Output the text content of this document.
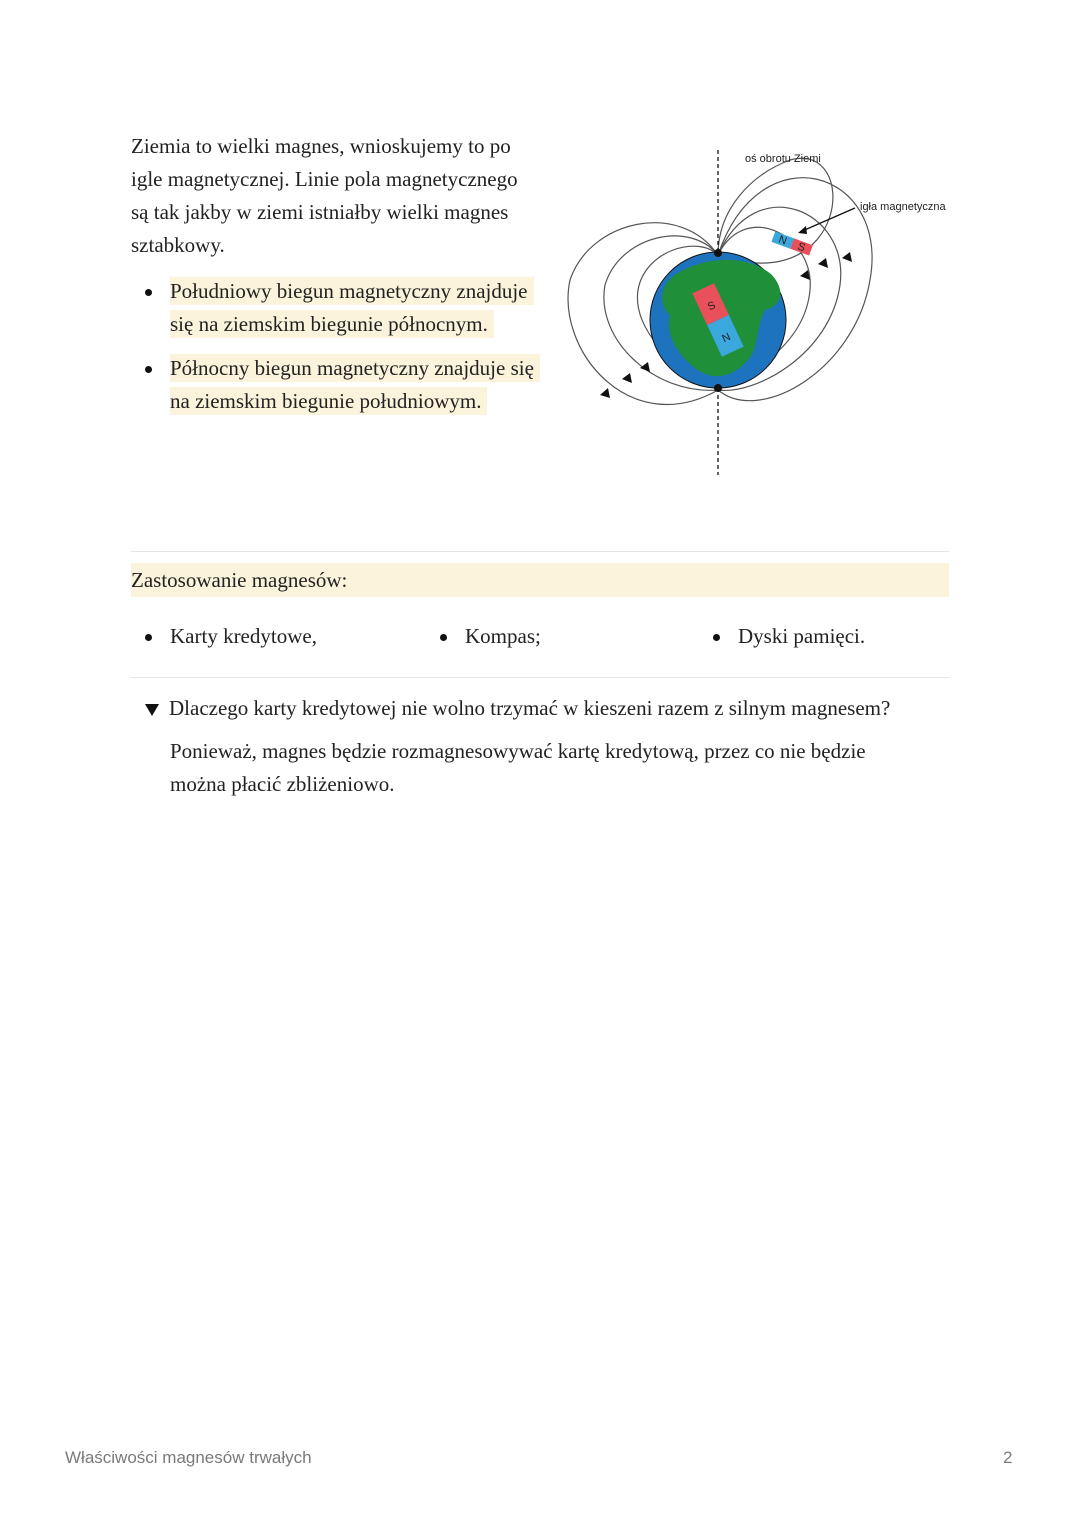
Ziemia to wielki magnes, wnioskujemy to po igle magnetycznej. Linie pola magnetycznego są tak jakby w ziemi istniałby wielki magnes sztabkowy.

Południowy biegun magnetyczny znajduje się na ziemskim biegunie północnym.
Północny biegun magnetyczny znajduje się na ziemskim biegunie południowym.
S
N
N S
oś obrotu Ziemi
igła magnetyczna
Zastosowanie magnesów:
Karty kredytowe,	Kompas;	Dyski pamięci.
Dlaczego karty kredytowej nie wolno trzymać w kieszeni razem z silnym magnesem?

Ponieważ, magnes będzie rozmagnesowywać kartę kredytową, przez co nie będzie można płacić zbliżeniowo.

Właściwości magnesów trwałych	2
